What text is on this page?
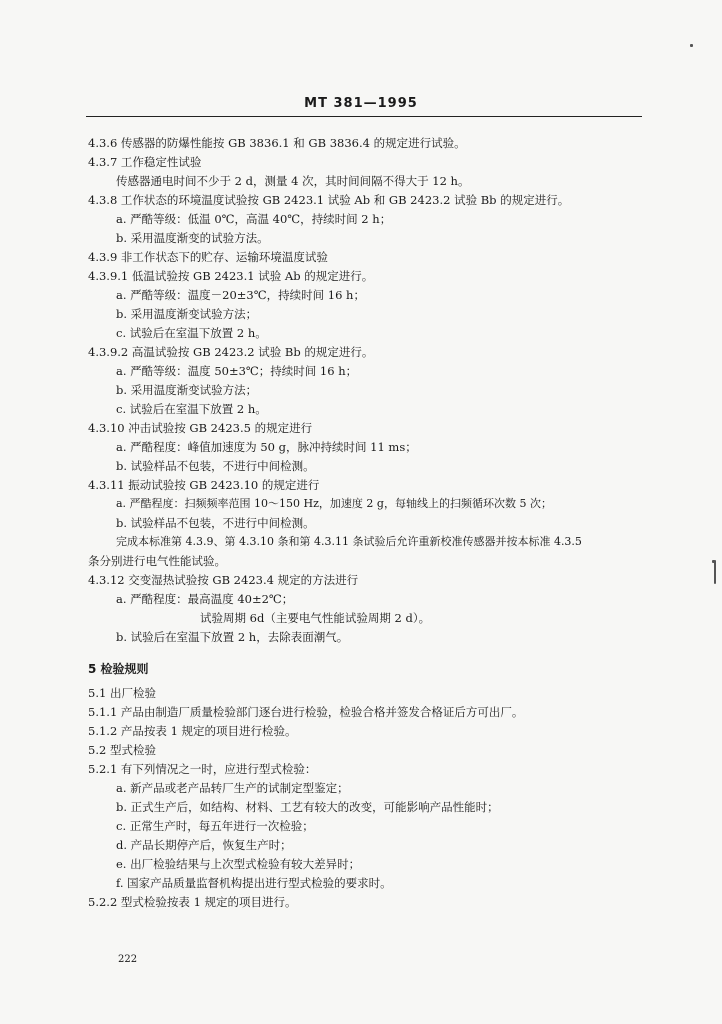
MT 381—1995
4.3.6 传感器的防爆性能按 GB 3836.1 和 GB 3836.4 的规定进行试验。
4.3.7 工作稳定性试验
传感器通电时间不少于 2 d，测量 4 次，其时间间隔不得大于 12 h。
4.3.8 工作状态的环境温度试验按 GB 2423.1 试验 Ab 和 GB 2423.2 试验 Bb 的规定进行。
a. 严酷等级：低温 0℃，高温 40℃，持续时间 2 h；
b. 采用温度渐变的试验方法。
4.3.9 非工作状态下的贮存、运输环境温度试验
4.3.9.1 低温试验按 GB 2423.1 试验 Ab 的规定进行。
a. 严酷等级：温度－20±3℃，持续时间 16 h；
b. 采用温度渐变试验方法；
c. 试验后在室温下放置 2 h。
4.3.9.2 高温试验按 GB 2423.2 试验 Bb 的规定进行。
a. 严酷等级：温度 50±3℃；持续时间 16 h；
b. 采用温度渐变试验方法；
c. 试验后在室温下放置 2 h。
4.3.10 冲击试验按 GB 2423.5 的规定进行
a. 严酷程度：峰值加速度为 50 g，脉冲持续时间 11 ms；
b. 试验样品不包装，不进行中间检测。
4.3.11 振动试验按 GB 2423.10 的规定进行
a. 严酷程度：扫频频率范围 10～150 Hz，加速度 2 g，每轴线上的扫频循环次数 5 次；
b. 试验样品不包装，不进行中间检测。
完成本标准第 4.3.9、第 4.3.10 条和第 4.3.11 条试验后允许重新校准传感器并按本标准 4.3.5
条分别进行电气性能试验。
4.3.12 交变湿热试验按 GB 2423.4 规定的方法进行
a. 严酷程度：最高温度 40±2℃；
试验周期 6d（主要电气性能试验周期 2 d）。
b. 试验后在室温下放置 2 h，去除表面潮气。
5 检验规则
5.1 出厂检验
5.1.1 产品由制造厂质量检验部门逐台进行检验，检验合格并签发合格证后方可出厂。
5.1.2 产品按表 1 规定的项目进行检验。
5.2 型式检验
5.2.1 有下列情况之一时，应进行型式检验：
a. 新产品或老产品转厂生产的试制定型鉴定；
b. 正式生产后，如结构、材料、工艺有较大的改变，可能影响产品性能时；
c. 正常生产时，每五年进行一次检验；
d. 产品长期停产后，恢复生产时；
e. 出厂检验结果与上次型式检验有较大差异时；
f. 国家产品质量监督机构提出进行型式检验的要求时。
5.2.2 型式检验按表 1 规定的项目进行。
222
